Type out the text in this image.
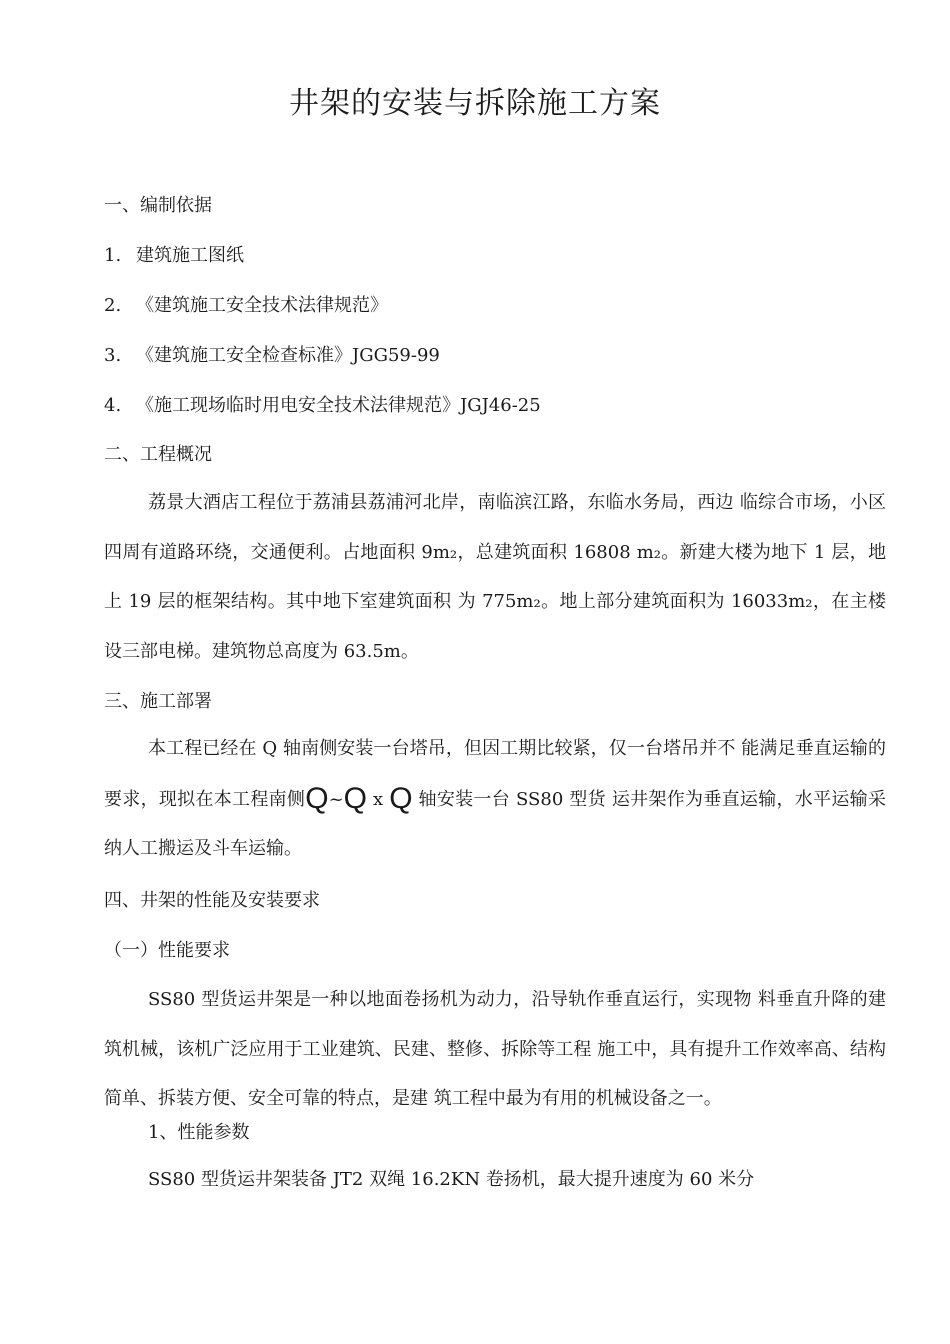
井架的安装与拆除施工方案
一、编制依据
1. 建筑施工图纸
2. 《建筑施工安全技术法律规范》
3. 《建筑施工安全检查标准》JGG59-99
4. 《施工现场临时用电安全技术法律规范》JGJ46-25
二、工程概况
荔景大酒店工程位于荔浦县荔浦河北岸，南临滨江路，东临水务局，西边 临综合市场，小区四周有道路环绕，交通便利。占地面积 9m₂，总建筑面积 16808 m₂。新建大楼为地下 1 层，地上 19 层的框架结构。其中地下室建筑面积 为 775m₂。地上部分建筑面积为 16033m₂，在主楼设三部电梯。建筑物总高度为 63.5m。
三、施工部署
本工程已经在 Q 轴南侧安装一台塔吊，但因工期比较紧，仅一台塔吊并不 能满足垂直运输的要求，现拟在本工程南侧Q~Q x Q 轴安装一台 SS80 型货 运井架作为垂直运输，水平运输采纳人工搬运及斗车运输。
四、井架的性能及安装要求
（一）性能要求
SS80 型货运井架是一种以地面卷扬机为动力，沿导轨作垂直运行，实现物 料垂直升降的建筑机械，该机广泛应用于工业建筑、民建、整修、拆除等工程 施工中，具有提升工作效率高、结构简单、拆装方便、安全可靠的特点，是建 筑工程中最为有用的机械设备之一。
1、性能参数
SS80 型货运井架装备 JT2 双绳 16.2KN 卷扬机，最大提升速度为 60 米分
